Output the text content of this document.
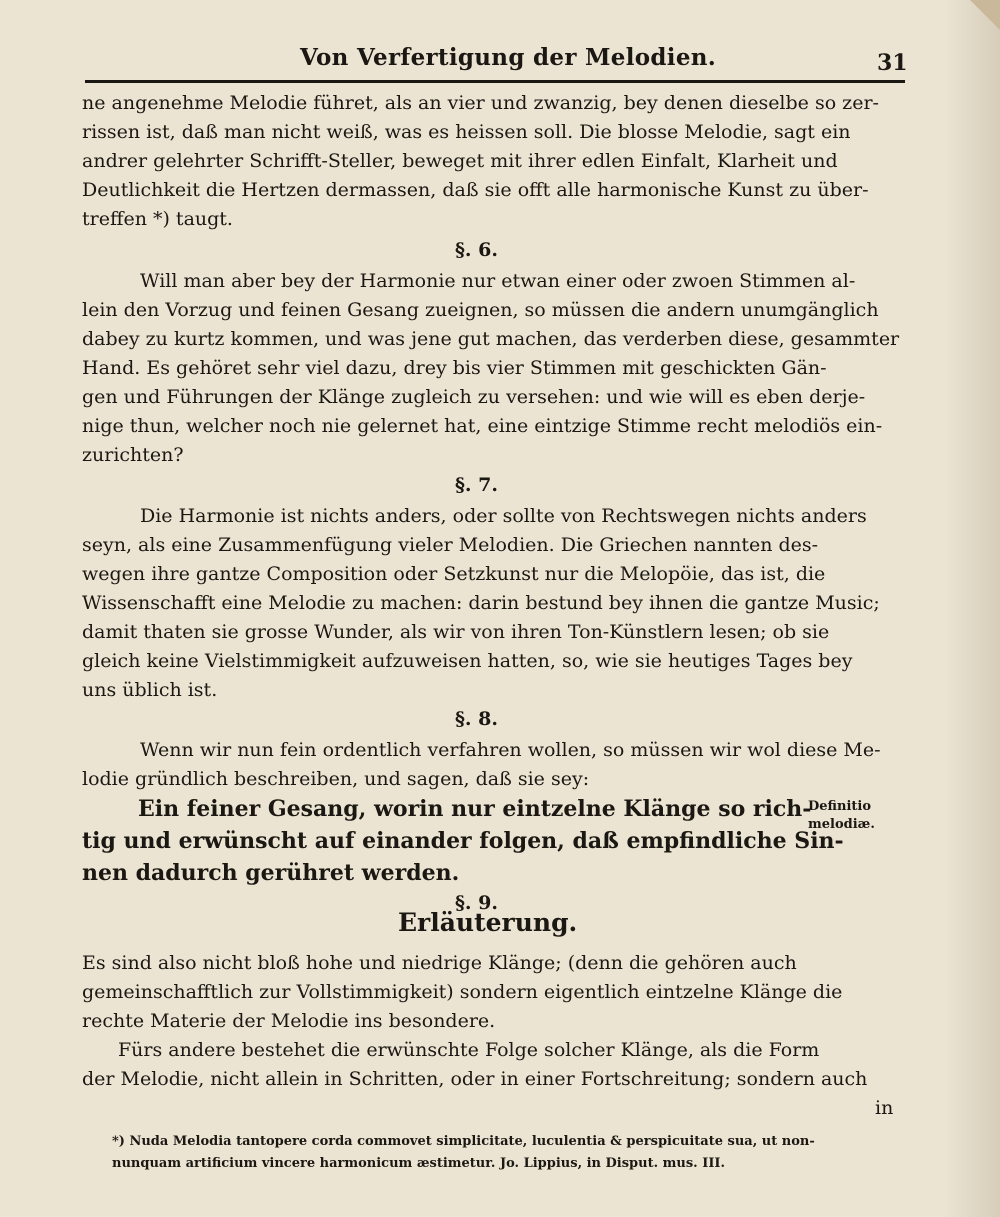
Von Verfertigung der Melodien.	31
ne angenehme Melodie führet, als an vier und zwanzig, bey denen dieselbe so zer-
rissen ist, daß man nicht weiß, was es heissen soll. Die blosse Melodie, sagt ein
andrer gelehrter Schrifft-Steller, beweget mit ihrer edlen Einfalt, Klarheit und
Deutlichkeit die Hertzen dermassen, daß sie offt alle harmonische Kunst zu über-
treffen *) taugt.
§. 6.
Will man aber bey der Harmonie nur etwan einer oder zwoen Stimmen al-
lein den Vorzug und feinen Gesang zueignen, so müssen die andern unumgänglich
dabey zu kurtz kommen, und was jene gut machen, das verderben diese, gesammter
Hand. Es gehöret sehr viel dazu, drey bis vier Stimmen mit geschickten Gän-
gen und Führungen der Klänge zugleich zu versehen: und wie will es eben derje-
nige thun, welcher noch nie gelernet hat, eine eintzige Stimme recht melodiös ein-
zurichten?
§. 7.
Die Harmonie ist nichts anders, oder sollte von Rechtswegen nichts anders
seyn, als eine Zusammenfügung vieler Melodien. Die Griechen nannten des-
wegen ihre gantze Composition oder Setzkunst nur die Melopöie, das ist, die
Wissenschafft eine Melodie zu machen: darin bestund bey ihnen die gantze Music;
damit thaten sie grosse Wunder, als wir von ihren Ton-Künstlern lesen; ob sie
gleich keine Vielstimmigkeit aufzuweisen hatten, so, wie sie heutiges Tages bey
uns üblich ist.
§. 8.
Wenn wir nun fein ordentlich verfahren wollen, so müssen wir wol diese Me-
lodie gründlich beschreiben, und sagen, daß sie sey:
Ein feiner Gesang, worin nur eintzelne Klänge so rich-
tig und erwünscht auf einander folgen, daß empfindliche Sin-
nen dadurch gerühret werden.
§. 9.
Erläuterung.
Es sind also nicht bloß hohe und niedrige Klänge; (denn die gehören auch
gemeinschafftlich zur Vollstimmigkeit) sondern eigentlich eintzelne Klänge die
rechte Materie der Melodie ins besondere.
Fürs andere bestehet die erwünschte Folge solcher Klänge, als die Form
der Melodie, nicht allein in Schritten, oder in einer Fortschreitung; sondern auch
in
Definitio
melodiæ.
*) Nuda Melodia tantopere corda commovet simplicitate, luculentia & perspicuitate sua, ut non-
nunquam artificium vincere harmonicum æstimetur. Jo. Lippius, in Disput. mus. III.
